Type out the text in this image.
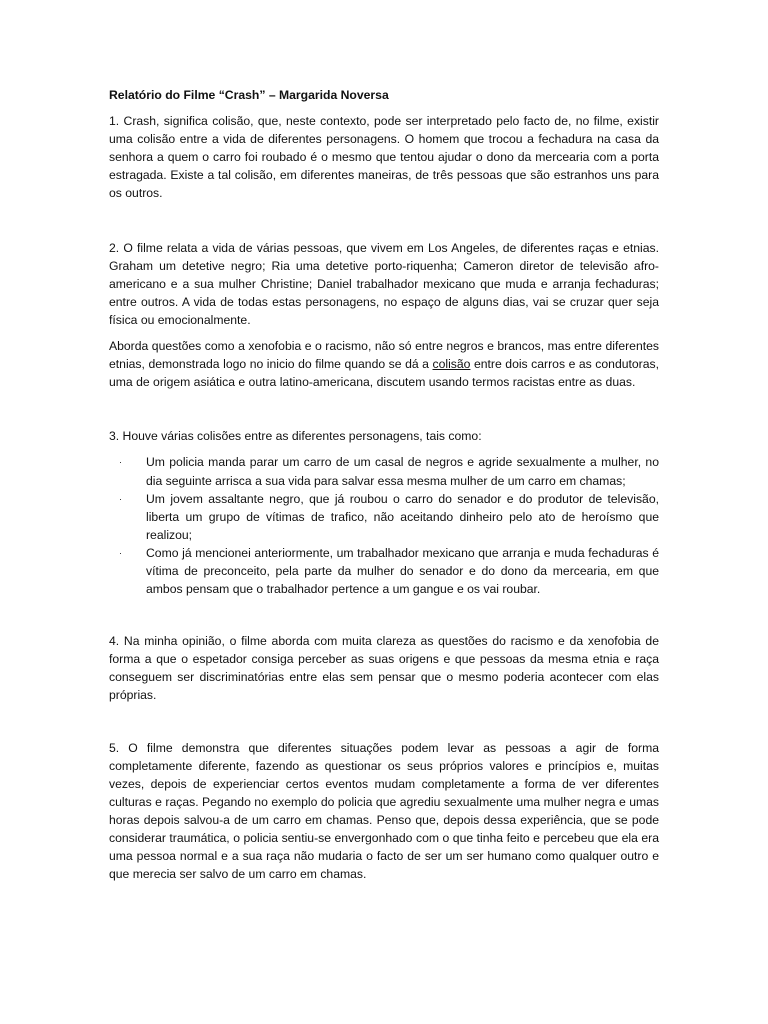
Relatório do Filme “Crash” – Margarida Noversa

1. Crash, significa colisão, que, neste contexto, pode ser interpretado pelo facto de, no filme, existir uma colisão entre a vida de diferentes personagens. O homem que trocou a fechadura na casa da senhora a quem o carro foi roubado é o mesmo que tentou ajudar o dono da mercearia com a porta estragada. Existe a tal colisão, em diferentes maneiras, de três pessoas que são estranhos uns para os outros.

2. O filme relata a vida de várias pessoas, que vivem em Los Angeles, de diferentes raças e etnias. Graham um detetive negro; Ria uma detetive porto-riquenha; Cameron diretor de televisão afro-americano e a sua mulher Christine; Daniel trabalhador mexicano que muda e arranja fechaduras; entre outros. A vida de todas estas personagens, no espaço de alguns dias, vai se cruzar quer seja física ou emocionalmente.

Aborda questões como a xenofobia e o racismo, não só entre negros e brancos, mas entre diferentes etnias, demonstrada logo no inicio do filme quando se dá a colisão entre dois carros e as condutoras, uma de origem asiática e outra latino-americana, discutem usando termos racistas entre as duas.

3. Houve várias colisões entre as diferentes personagens, tais como:

· Um policia manda parar um carro de um casal de negros e agride sexualmente a mulher, no dia seguinte arrisca a sua vida para salvar essa mesma mulher de um carro em chamas;
· Um jovem assaltante negro, que já roubou o carro do senador e do produtor de televisão, liberta um grupo de vítimas de trafico, não aceitando dinheiro pelo ato de heroísmo que realizou;
· Como já mencionei anteriormente, um trabalhador mexicano que arranja e muda fechaduras é vítima de preconceito, pela parte da mulher do senador e do dono da mercearia, em que ambos pensam que o trabalhador pertence a um gangue e os vai roubar.

4. Na minha opinião, o filme aborda com muita clareza as questões do racismo e da xenofobia de forma a que o espetador consiga perceber as suas origens e que pessoas da mesma etnia e raça conseguem ser discriminatórias entre elas sem pensar que o mesmo poderia acontecer com elas próprias.

5. O filme demonstra que diferentes situações podem levar as pessoas a agir de forma completamente diferente, fazendo as questionar os seus próprios valores e princípios e, muitas vezes, depois de experienciar certos eventos mudam completamente a forma de ver diferentes culturas e raças. Pegando no exemplo do policia que agrediu sexualmente uma mulher negra e umas horas depois salvou-a de um carro em chamas. Penso que, depois dessa experiência, que se pode considerar traumática, o policia sentiu-se envergonhado com o que tinha feito e percebeu que ela era uma pessoa normal e a sua raça não mudaria o facto de ser um ser humano como qualquer outro e que merecia ser salvo de um carro em chamas.
